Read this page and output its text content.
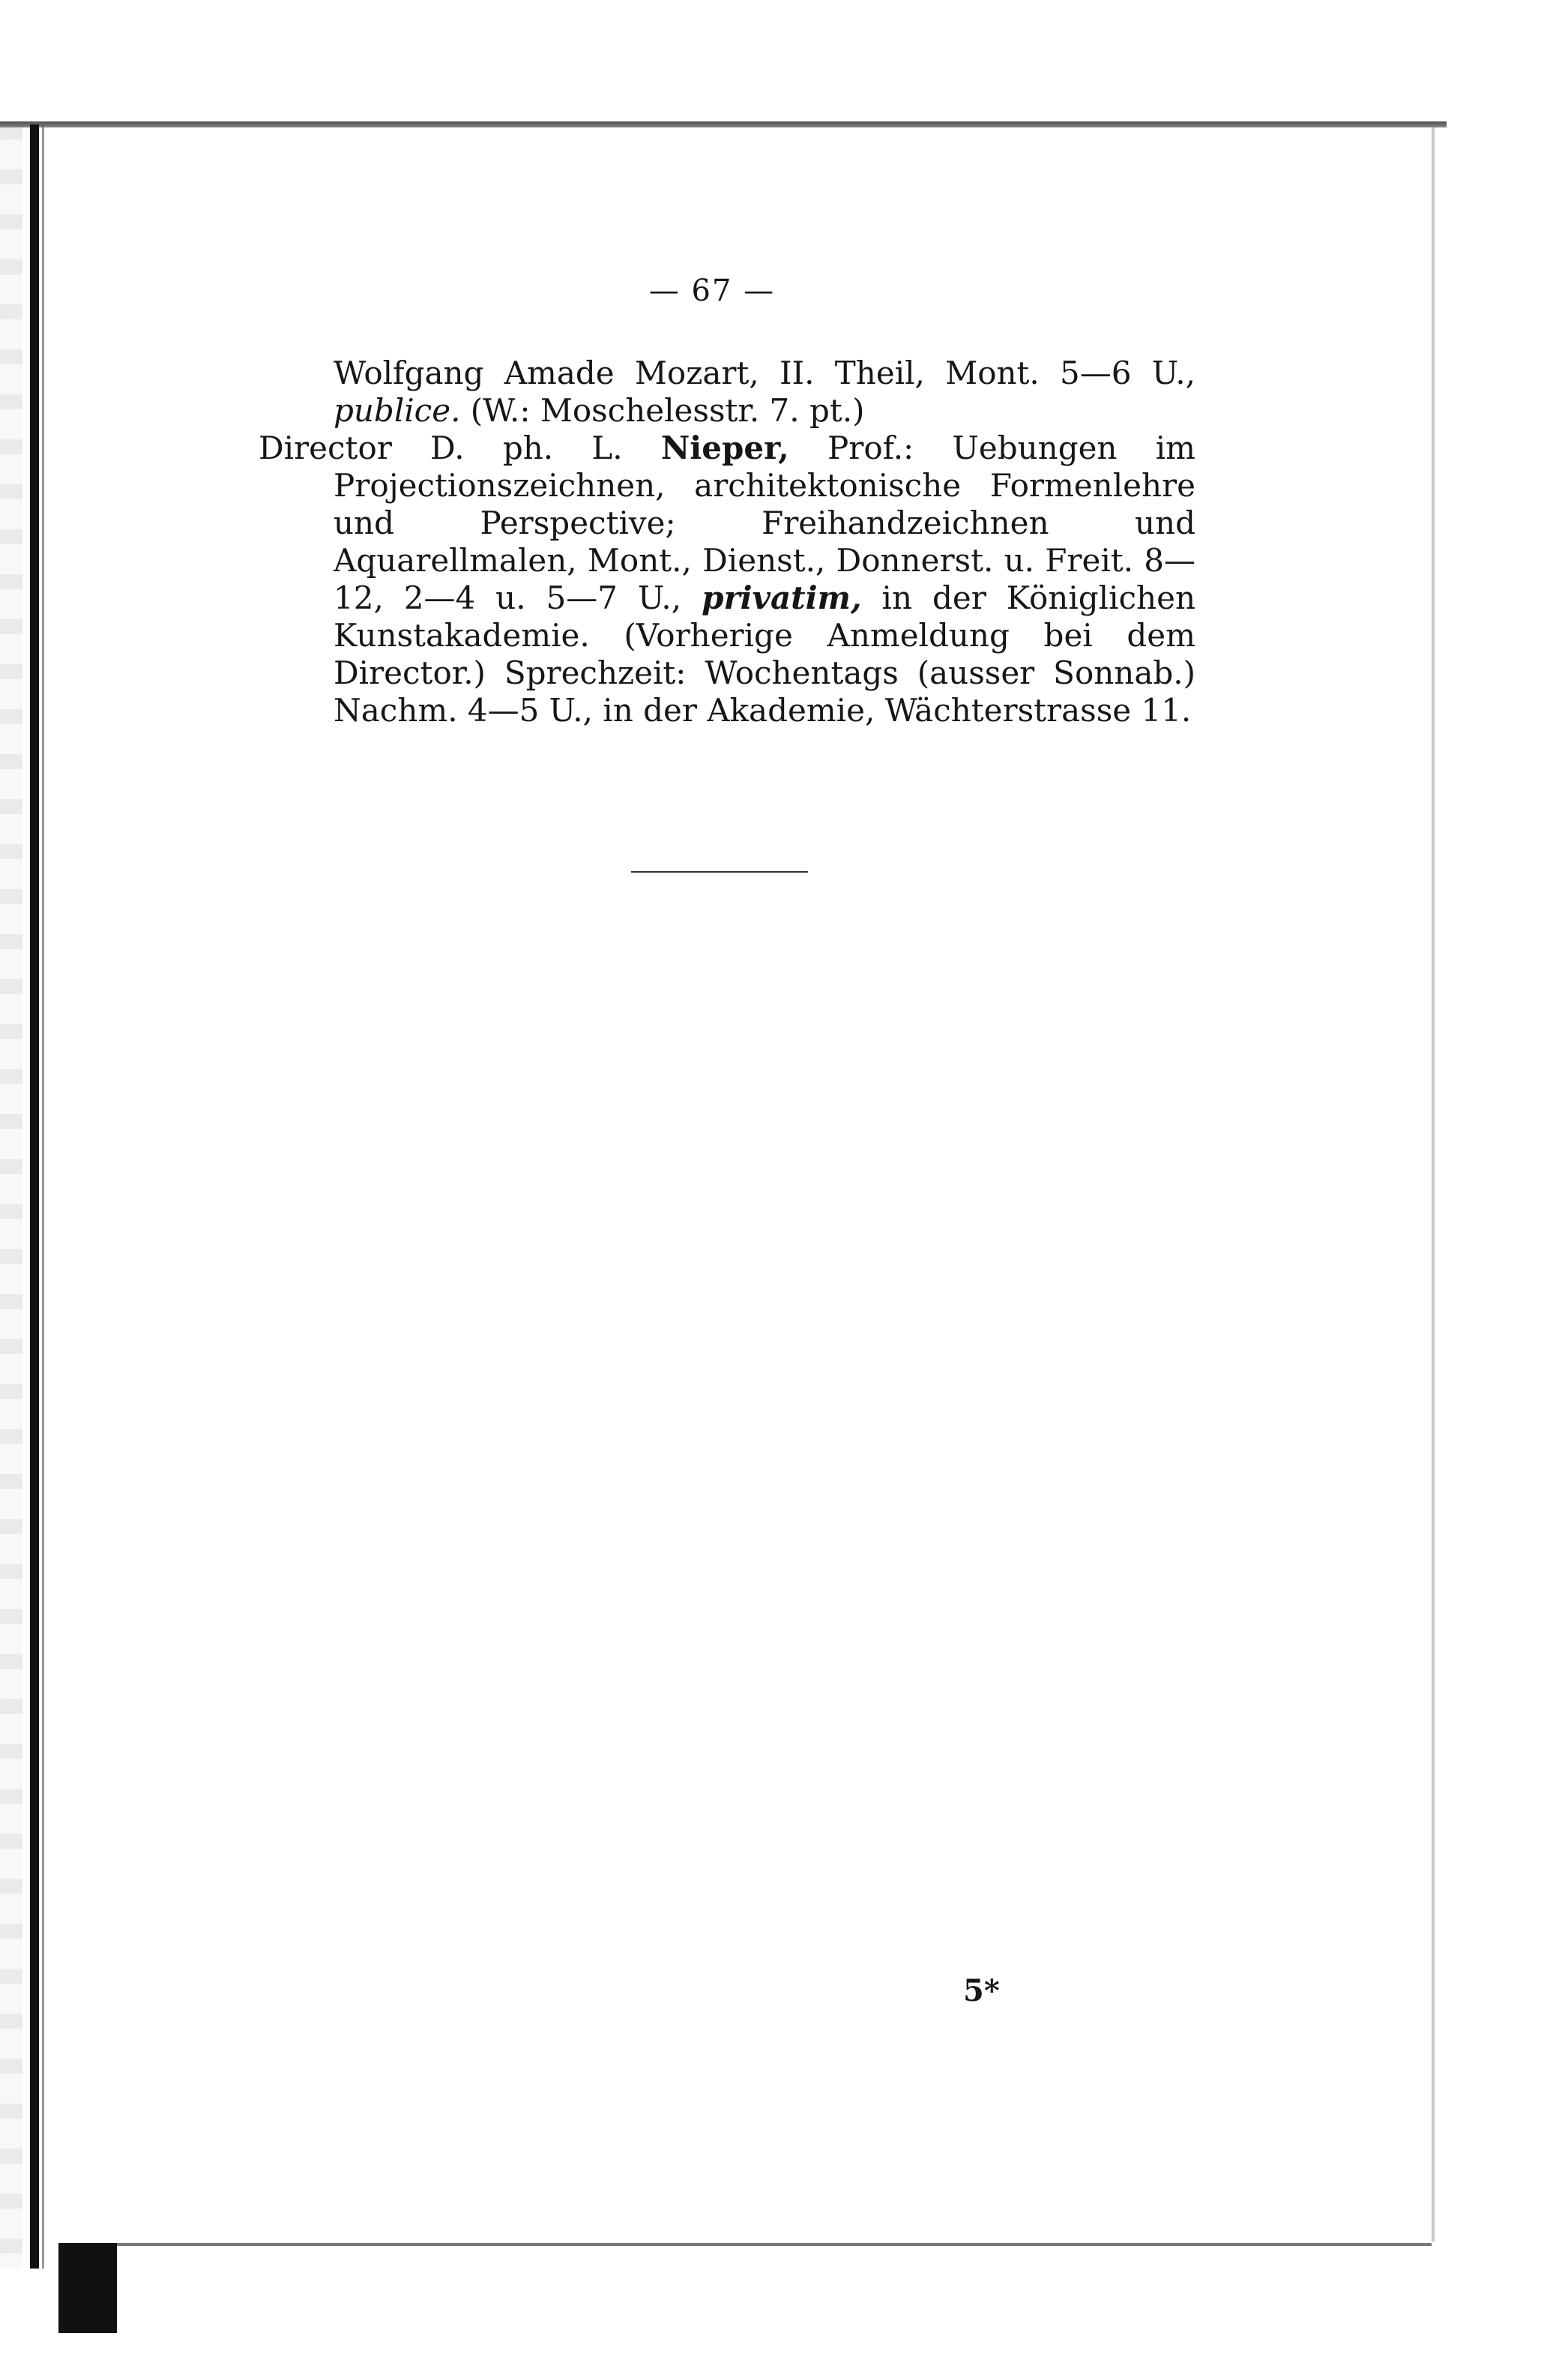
— 67 —

Wolfgang Amade Mozart, II. Theil, Mont. 5—6 U., publice. (W.: Moschelesstr. 7. pt.)

Director D. ph. L. Nieper, Prof.: Uebungen im Projectionszeichnen, architektonische Formenlehre und Perspective; Freihandzeichnen und Aquarellmalen, Mont., Dienst., Donnerst. u. Freit. 8—12, 2—4 u. 5—7 U., privatim, in der Königlichen Kunstakademie. (Vorherige Anmeldung bei dem Director.) Sprechzeit: Wochentags (ausser Sonnab.) Nachm. 4—5 U., in der Akademie, Wächterstrasse 11.

5*
